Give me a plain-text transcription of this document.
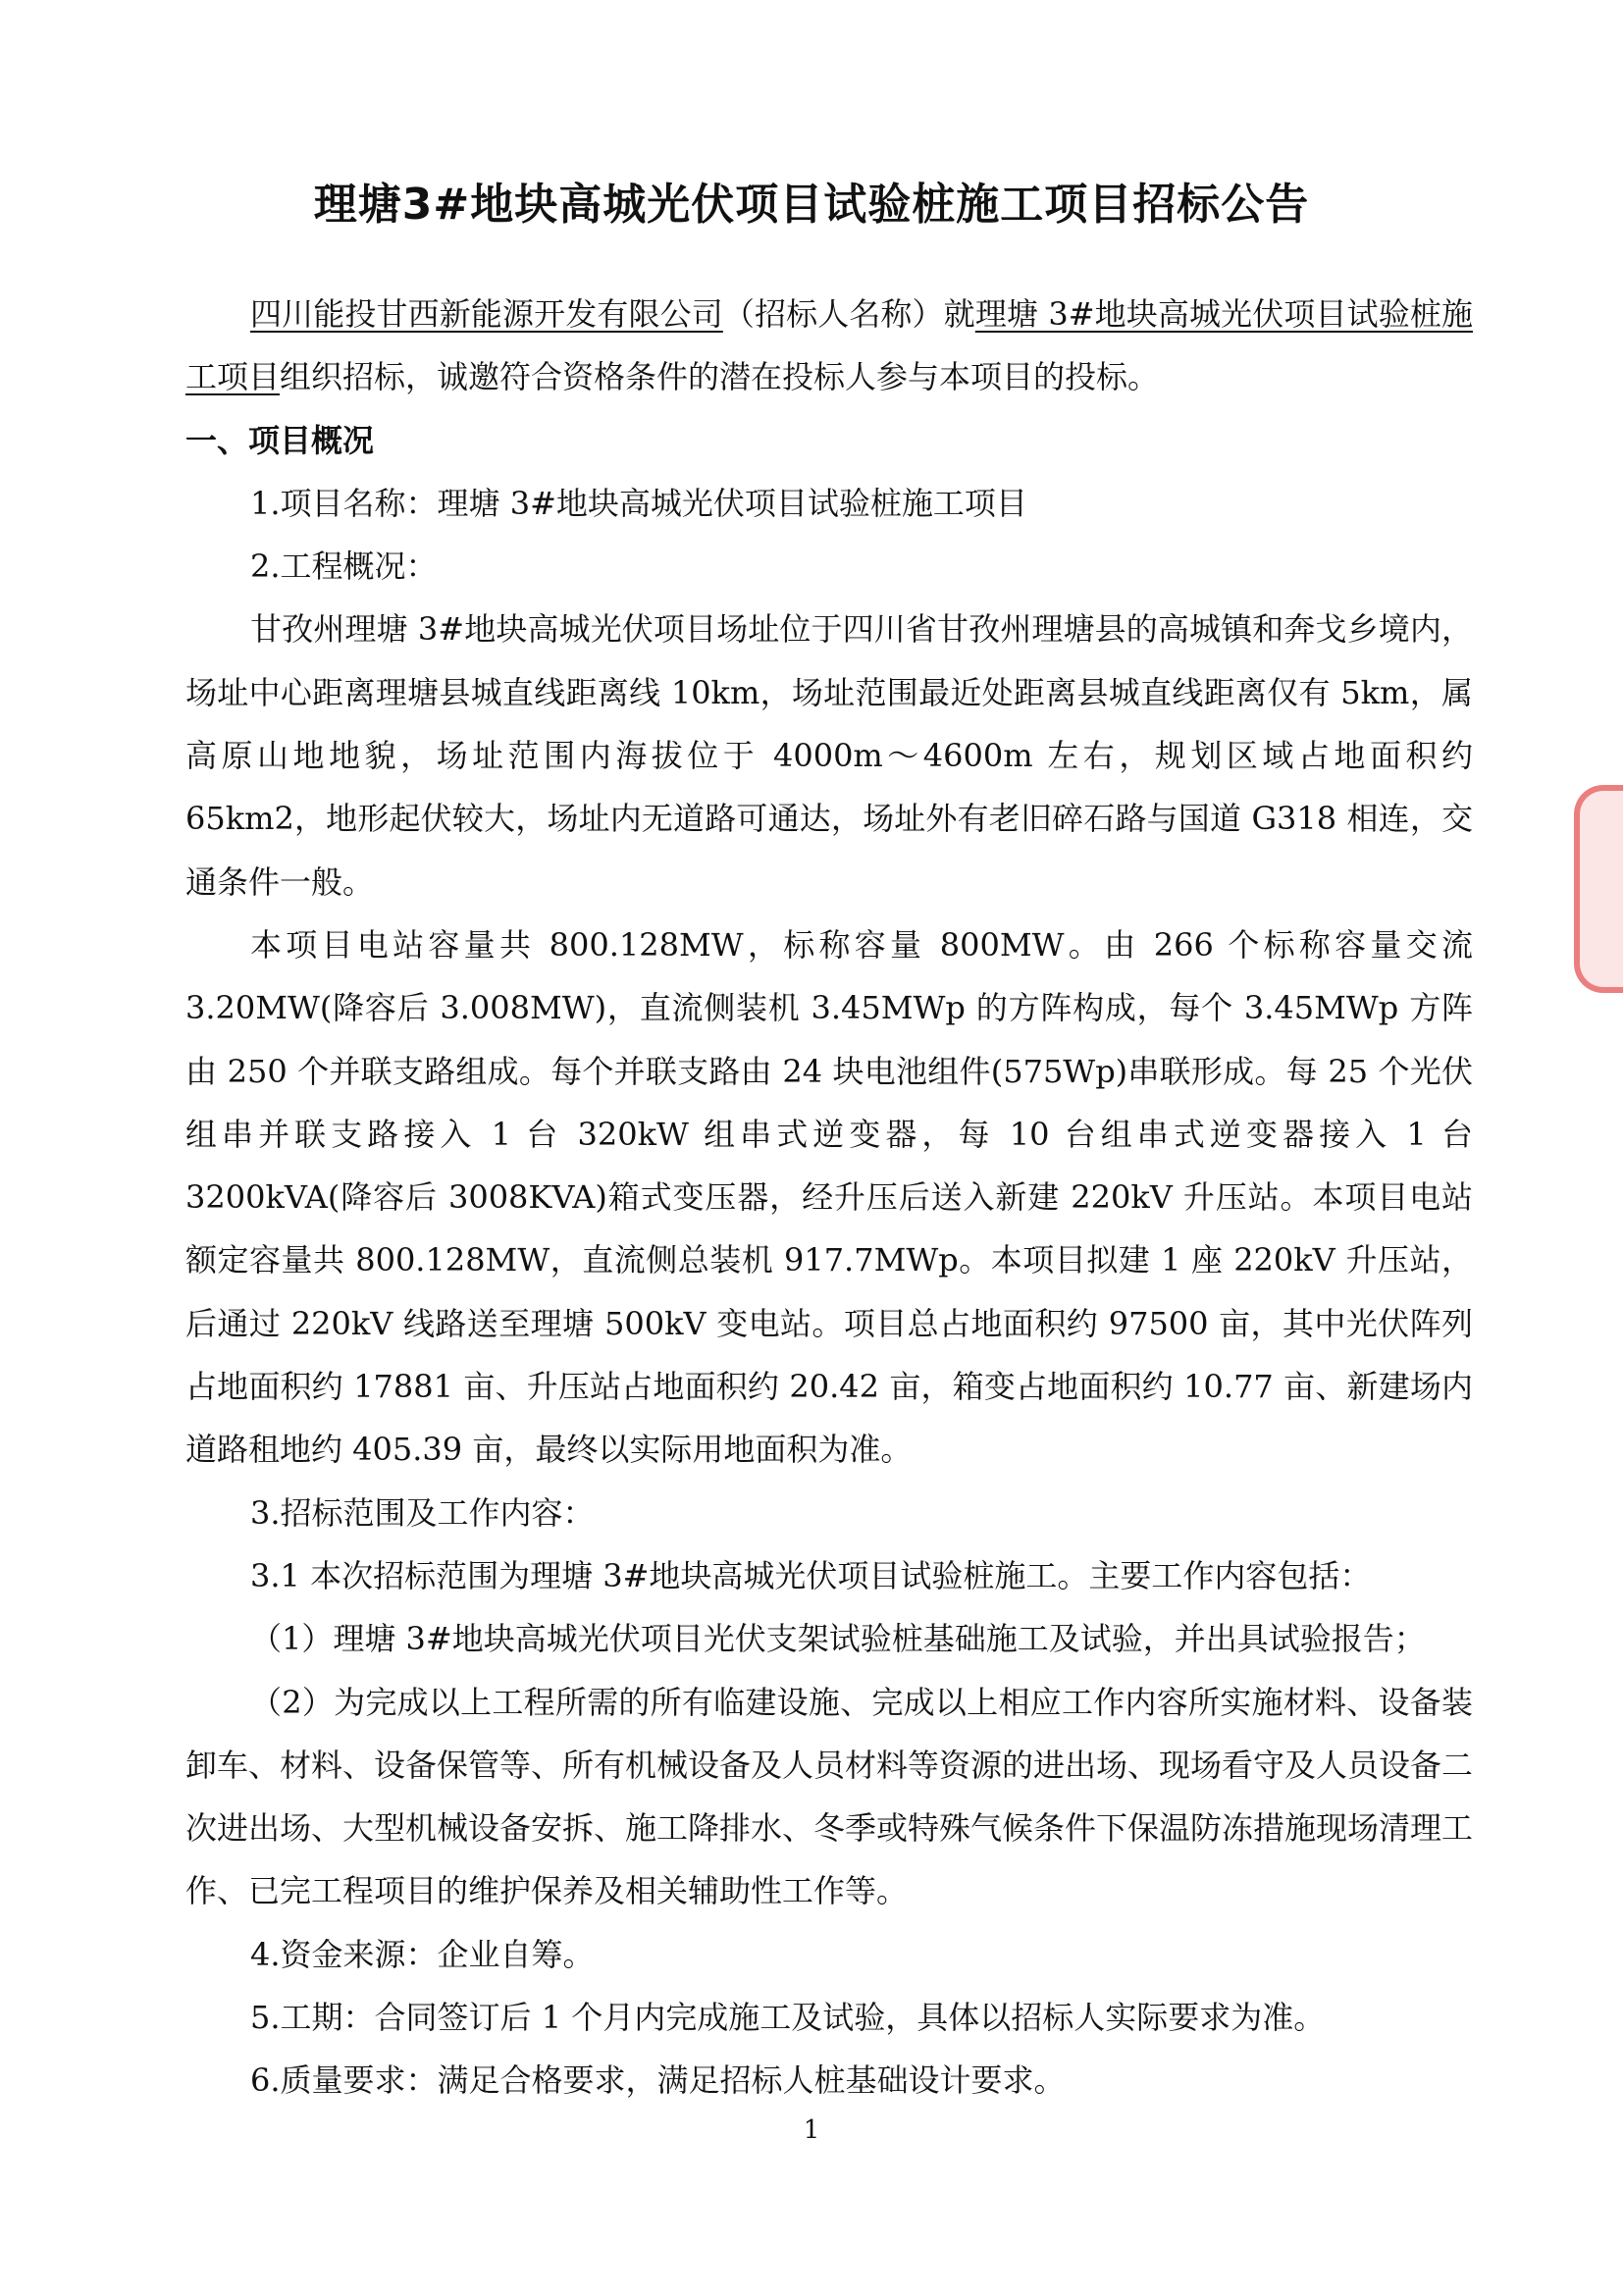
理塘3#地块高城光伏项目试验桩施工项目招标公告

四川能投甘西新能源开发有限公司（招标人名称）就理塘 3#地块高城光伏项目试验桩施工项目组织招标，诚邀符合资格条件的潜在投标人参与本项目的投标。

一、项目概况

1.项目名称：理塘 3#地块高城光伏项目试验桩施工项目

2.工程概况：

甘孜州理塘 3#地块高城光伏项目场址位于四川省甘孜州理塘县的高城镇和奔戈乡境内，场址中心距离理塘县城直线距离线 10km，场址范围最近处距离县城直线距离仅有 5km，属高原山地地貌，场址范围内海拔位于 4000m～4600m 左右，规划区域占地面积约 65km2，地形起伏较大，场址内无道路可通达，场址外有老旧碎石路与国道 G318 相连，交通条件一般。

本项目电站容量共 800.128MW，标称容量 800MW。由 266 个标称容量交流 3.20MW(降容后 3.008MW)，直流侧装机 3.45MWp 的方阵构成，每个 3.45MWp 方阵由 250 个并联支路组成。每个并联支路由 24 块电池组件(575Wp)串联形成。每 25 个光伏组串并联支路接入 1 台 320kW 组串式逆变器，每 10 台组串式逆变器接入 1 台 3200kVA(降容后 3008KVA)箱式变压器，经升压后送入新建 220kV 升压站。本项目电站额定容量共 800.128MW，直流侧总装机 917.7MWp。本项目拟建 1 座 220kV 升压站，后通过 220kV 线路送至理塘 500kV 变电站。项目总占地面积约 97500 亩，其中光伏阵列占地面积约 17881 亩、升压站占地面积约 20.42 亩，箱变占地面积约 10.77 亩、新建场内道路租地约 405.39 亩，最终以实际用地面积为准。

3.招标范围及工作内容：

3.1 本次招标范围为理塘 3#地块高城光伏项目试验桩施工。主要工作内容包括：

（1）理塘 3#地块高城光伏项目光伏支架试验桩基础施工及试验，并出具试验报告；

（2）为完成以上工程所需的所有临建设施、完成以上相应工作内容所实施材料、设备装卸车、材料、设备保管等、所有机械设备及人员材料等资源的进出场、现场看守及人员设备二次进出场、大型机械设备安拆、施工降排水、冬季或特殊气候条件下保温防冻措施现场清理工作、已完工程项目的维护保养及相关辅助性工作等。

4.资金来源：企业自筹。

5.工期：合同签订后 1 个月内完成施工及试验，具体以招标人实际要求为准。

6.质量要求：满足合格要求，满足招标人桩基础设计要求。

1
